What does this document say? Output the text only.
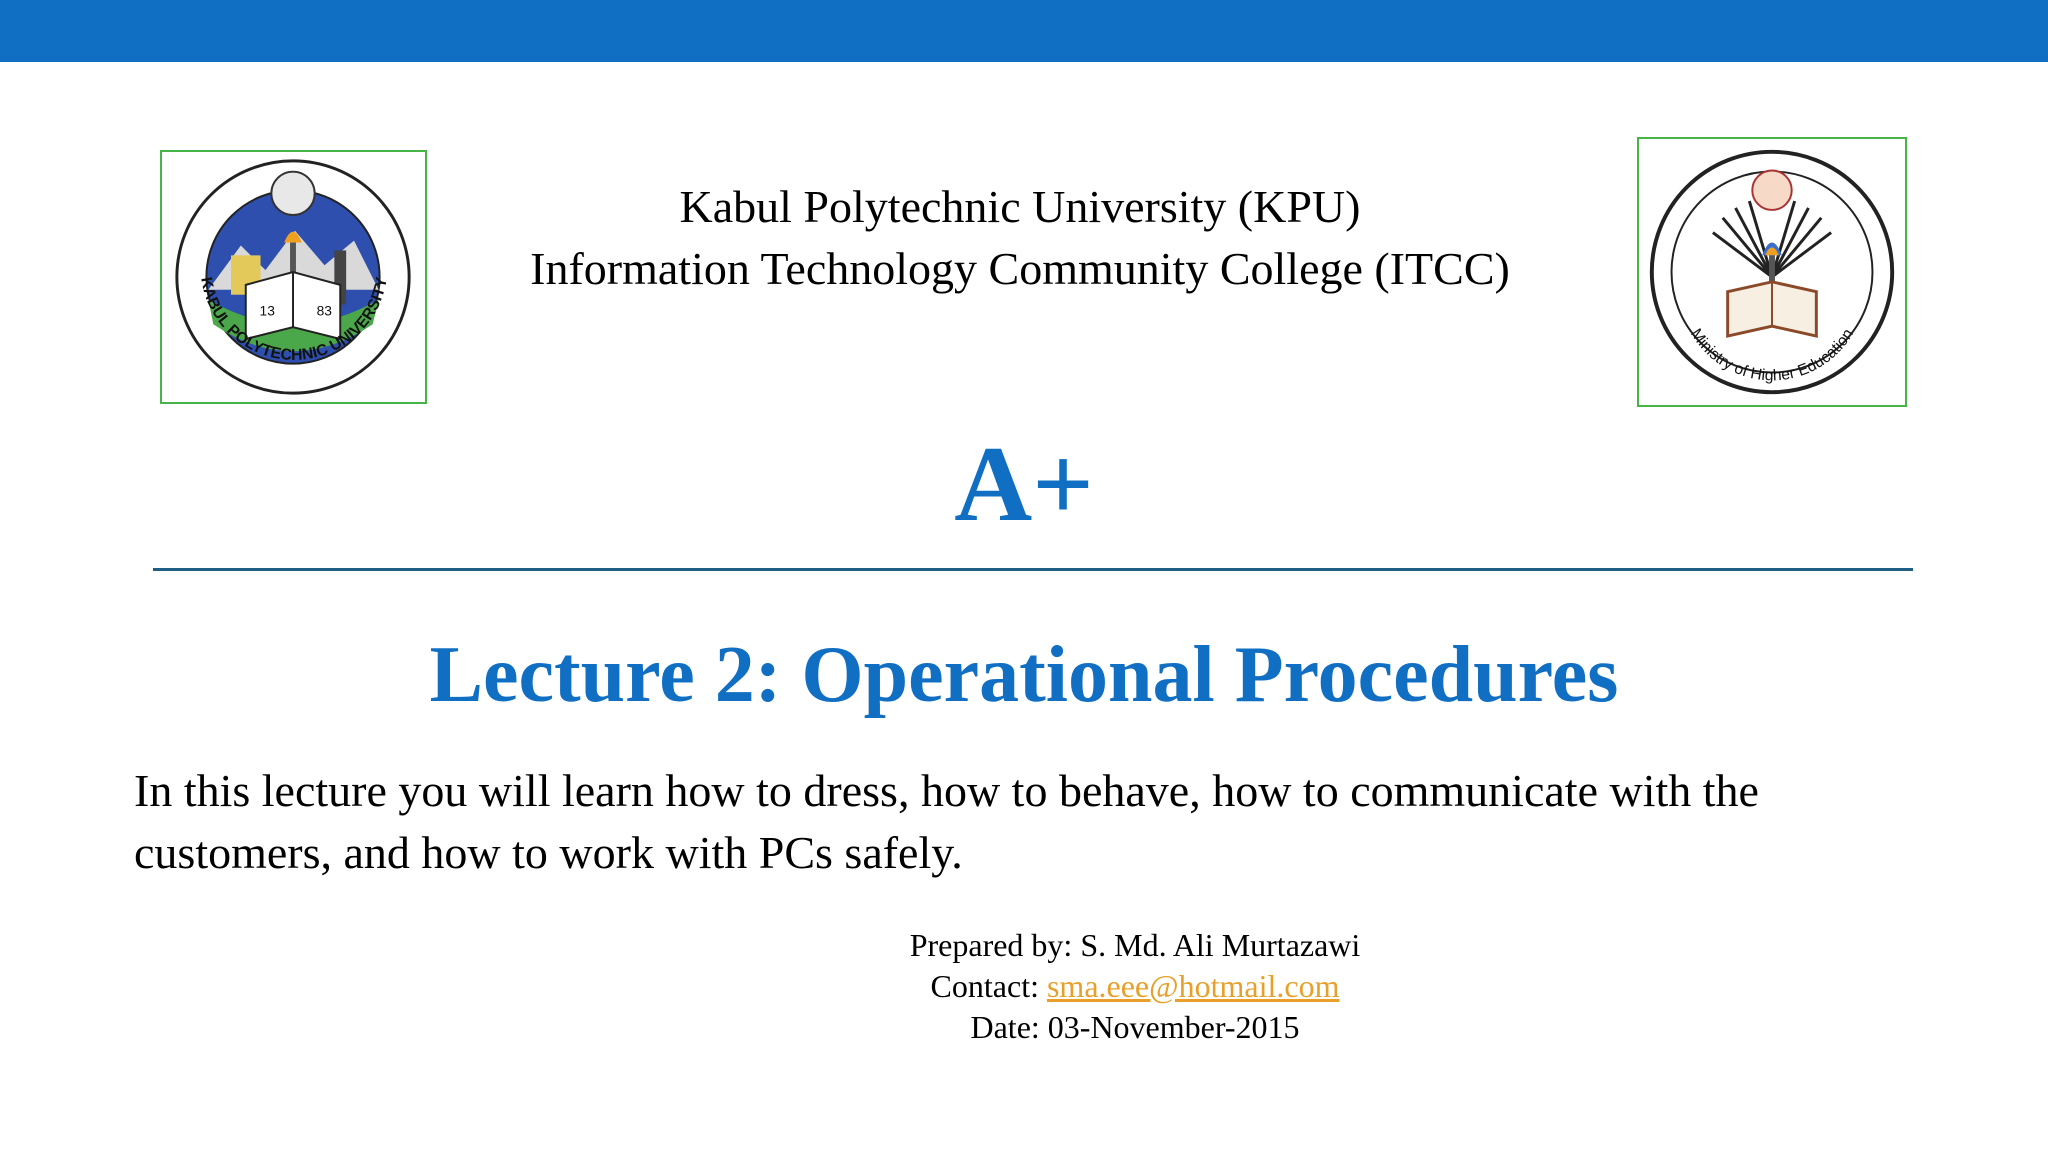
13	83
KABUL POLYTECHNIC UNIVERSITY
Ministry of Higher Education
Kabul Polytechnic University (KPU)
Information Technology Community College (ITCC)
A+
Lecture 2: Operational Procedures
In this lecture you will learn how to dress, how to behave, how to communicate with the customers, and how to work with PCs safely.
Prepared by: S. Md. Ali Murtazawi
Contact: sma.eee@hotmail.com
Date: 03-November-2015
